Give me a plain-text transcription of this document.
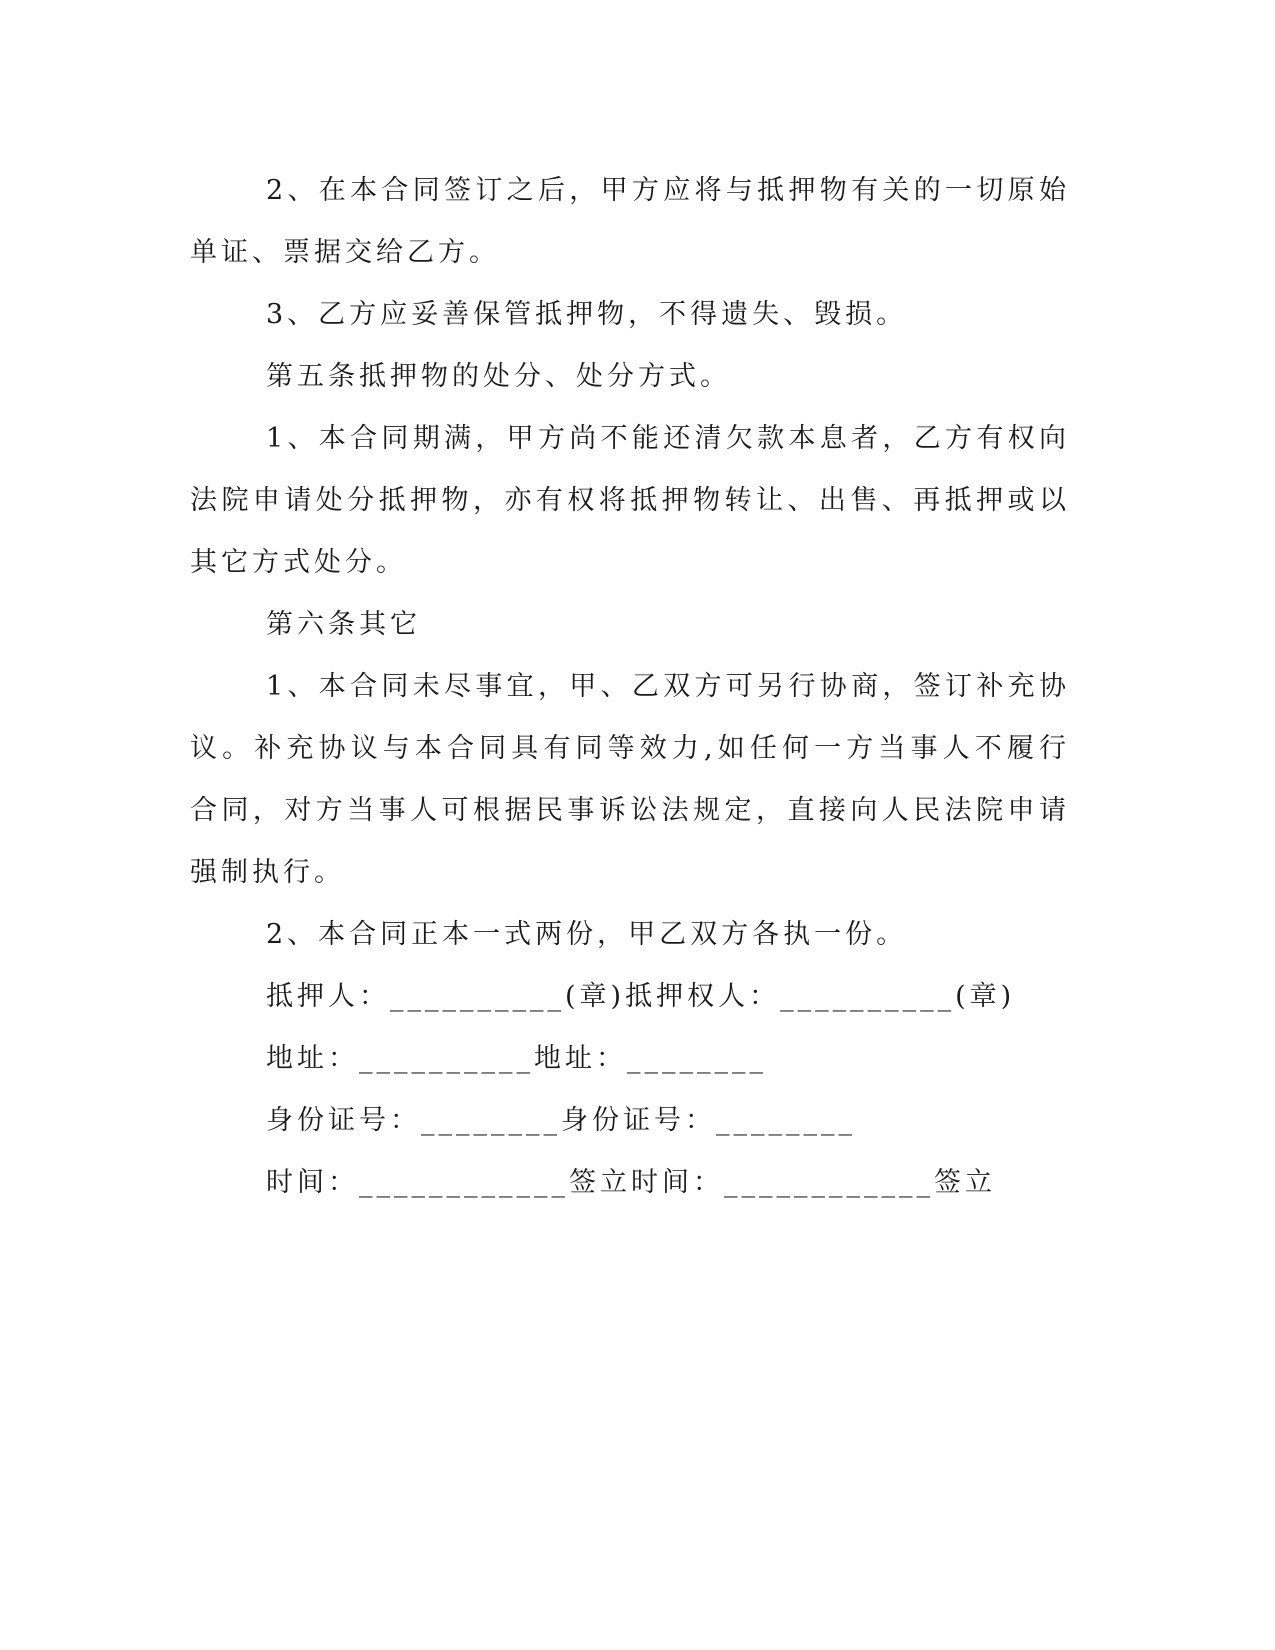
2、在本合同签订之后，甲方应将与抵押物有关的一切原始单证、票据交给乙方。

3、乙方应妥善保管抵押物，不得遗失、毁损。

第五条抵押物的处分、处分方式。

1、本合同期满，甲方尚不能还清欠款本息者，乙方有权向法院申请处分抵押物，亦有权将抵押物转让、出售、再抵押或以其它方式处分。

第六条其它

1、本合同未尽事宜，甲、乙双方可另行协商，签订补充协议。补充协议与本合同具有同等效力,如任何一方当事人不履行合同，对方当事人可根据民事诉讼法规定，直接向人民法院申请强制执行。

2、本合同正本一式两份，甲乙双方各执一份。

抵押人：__________(章)抵押权人：__________(章)

地址：__________地址：________

身份证号：________身份证号：________

时间：____________签立时间：____________签立
